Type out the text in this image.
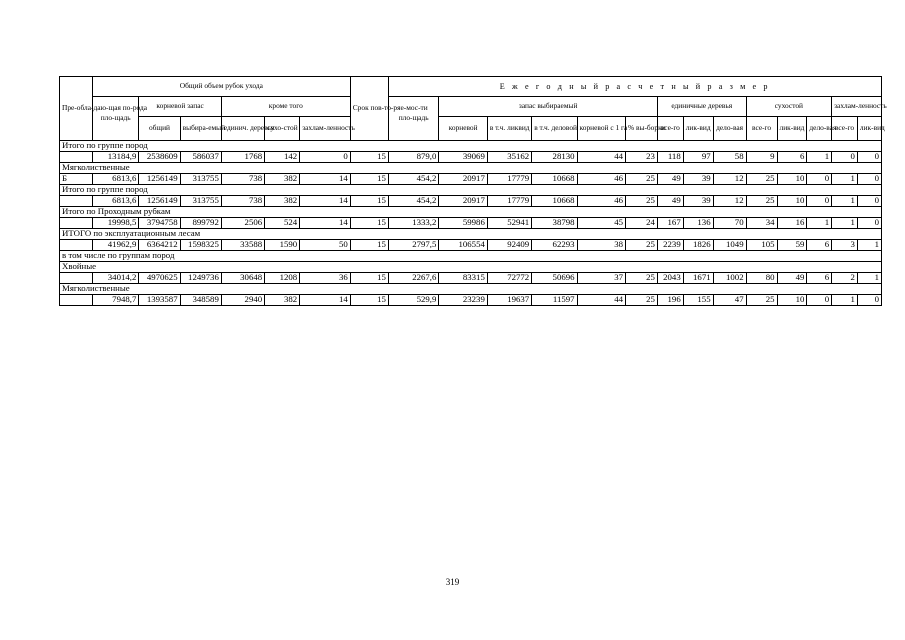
Пре-обла-даю-щая по-рода	Общий объем рубок ухода						Срок пов-то-ряе-мос-ти	Е ж е г о д н ы й р а с ч е т н ы й р а з м е р													
	пло-щадь	корневой запас		кроме того				пло-щадь	запас выбираемый					единичные деревья			сухостой			захлам-ленность	
		общий	выбира-емый	единич. деревья	сухо-стой	захлам-ленность			корневой	в т.ч. ликвид	в т.ч. деловой	корневой с 1 га	% вы-борки	все-го	лик-вид	дело-вая	все-го	лик-вид	дело-вая	все-го	лик-вид
Итого по группе пород																					
	13184,9	2538609	586037	1768	142	0	15	879,0	39069	35162	28130	44	23	118	97	58	9	6	1	0	0
Мягколиственные																					
Б	6813,6	1256149	313755	738	382	14	15	454,2	20917	17779	10668	46	25	49	39	12	25	10	0	1	0
Итого по группе пород																					
	6813,6	1256149	313755	738	382	14	15	454,2	20917	17779	10668	46	25	49	39	12	25	10	0	1	0
Итого по Проходным рубкам																					
	19998,5	3794758	899792	2506	524	14	15	1333,2	59986	52941	38798	45	24	167	136	70	34	16	1	1	0
ИТОГО по эксплуатационным лесам																					
	41962,9	6364212	1598325	33588	1590	50	15	2797,5	106554	92409	62293	38	25	2239	1826	1049	105	59	6	3	1
в том числе по группам пород																					
Хвойные																					
	34014,2	4970625	1249736	30648	1208	36	15	2267,6	83315	72772	50696	37	25	2043	1671	1002	80	49	6	2	1
Мягколиственные																					
	7948,7	1393587	348589	2940	382	14	15	529,9	23239	19637	11597	44	25	196	155	47	25	10	0	1	0
319
